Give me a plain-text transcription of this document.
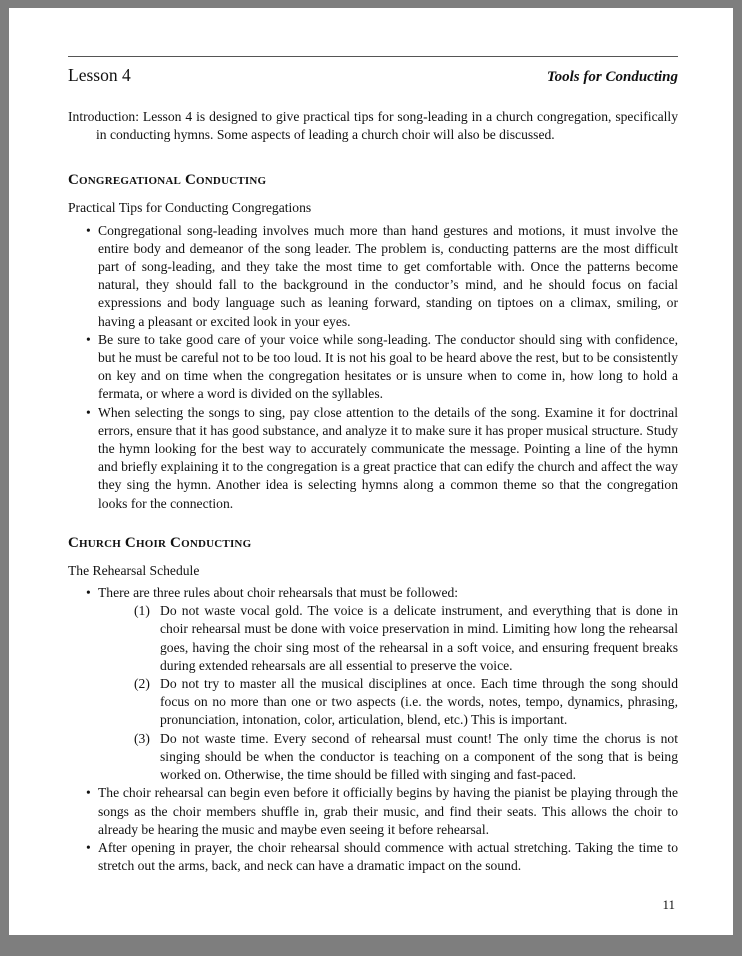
Lesson 4	Tools for Conducting

Introduction: Lesson 4 is designed to give practical tips for song-leading in a church congregation, specifically in conducting hymns. Some aspects of leading a church choir will also be discussed.

Congregational Conducting

Practical Tips for Conducting Congregations

• Congregational song-leading involves much more than hand gestures and motions, it must involve the entire body and demeanor of the song leader. The problem is, conducting patterns are the most difficult part of song-leading, and they take the most time to get comfortable with. Once the patterns become natural, they should fall to the background in the conductor’s mind, and he should focus on facial expressions and body language such as leaning forward, standing on tiptoes on a climax, smiling, or having a pleasant or excited look in your eyes.
• Be sure to take good care of your voice while song-leading. The conductor should sing with confidence, but he must be careful not to be too loud. It is not his goal to be heard above the rest, but to be consistently on key and on time when the congregation hesitates or is unsure when to come in, how long to hold a fermata, or where a word is divided on the syllables.
• When selecting the songs to sing, pay close attention to the details of the song. Examine it for doctrinal errors, ensure that it has good substance, and analyze it to make sure it has proper musical structure. Study the hymn looking for the best way to accurately communicate the message. Pointing a line of the hymn and briefly explaining it to the congregation is a great practice that can edify the church and affect the way they sing the hymn. Another idea is selecting hymns along a common theme so that the congregation looks for the connection.
Church Choir Conducting

The Rehearsal Schedule

• There are three rules about choir rehearsals that must be followed:
(1) Do not waste vocal gold. The voice is a delicate instrument, and everything that is done in choir rehearsal must be done with voice preservation in mind. Limiting how long the rehearsal goes, having the choir sing most of the rehearsal in a soft voice, and ensuring frequent breaks during extended rehearsals are all essential to preserve the voice.
(2) Do not try to master all the musical disciplines at once. Each time through the song should focus on no more than one or two aspects (i.e. the words, notes, tempo, dynamics, phrasing, pronunciation, intonation, color, articulation, blend, etc.) This is important.
(3) Do not waste time. Every second of rehearsal must count! The only time the chorus is not singing should be when the conductor is teaching on a component of the song that is being worked on. Otherwise, the time should be filled with singing and fast-paced.
• The choir rehearsal can begin even before it officially begins by having the pianist be playing through the songs as the choir members shuffle in, grab their music, and find their seats. This allows the choir to already be hearing the music and maybe even seeing it before rehearsal.
• After opening in prayer, the choir rehearsal should commence with actual stretching. Taking the time to stretch out the arms, back, and neck can have a dramatic impact on the sound.
11
